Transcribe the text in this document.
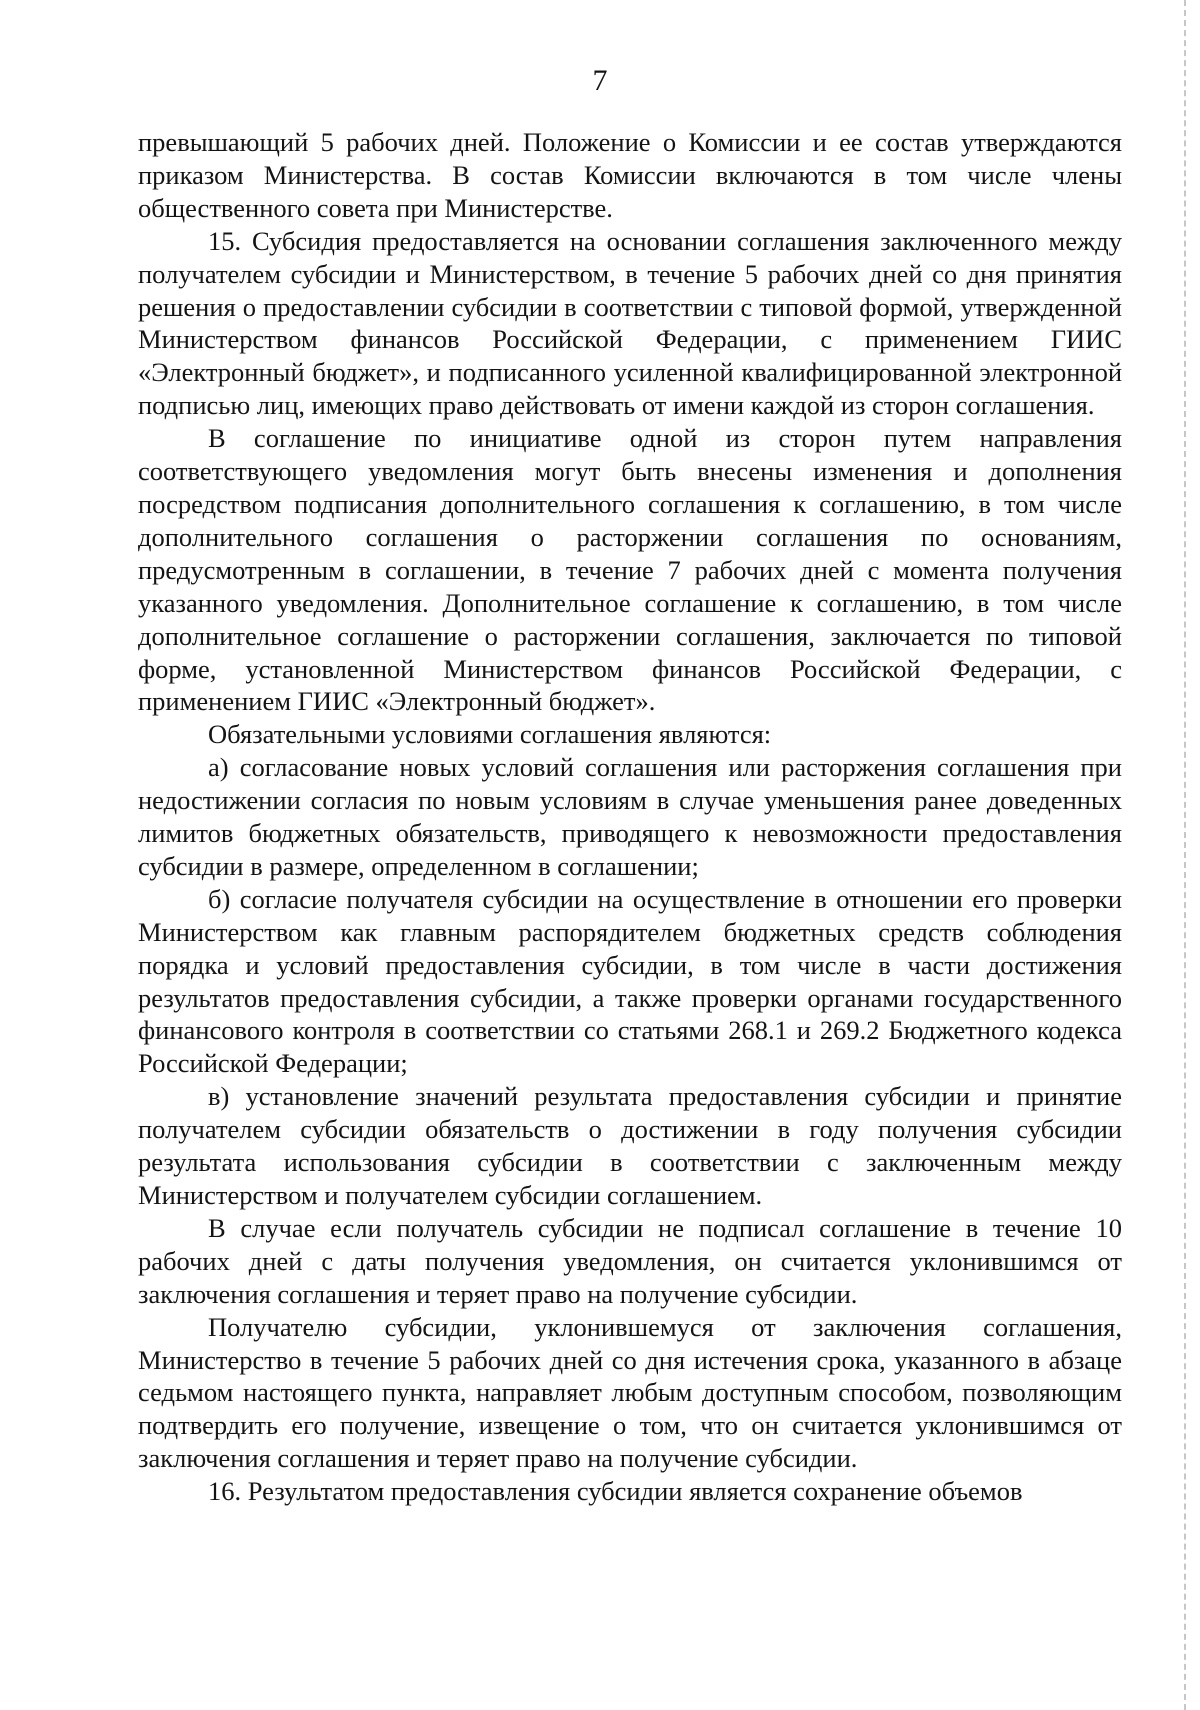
7

превышающий 5 рабочих дней. Положение о Комиссии и ее состав утверждаются приказом Министерства. В состав Комиссии включаются в том числе члены общественного совета при Министерстве.

15. Субсидия предоставляется на основании соглашения заключенного между получателем субсидии и Министерством, в течение 5 рабочих дней со дня принятия решения о предоставлении субсидии в соответствии с типовой формой, утвержденной Министерством финансов Российской Федерации, с применением ГИИС «Электронный бюджет», и подписанного усиленной квалифицированной электронной подписью лиц, имеющих право действовать от имени каждой из сторон соглашения.

В соглашение по инициативе одной из сторон путем направления соответствующего уведомления могут быть внесены изменения и дополнения посредством подписания дополнительного соглашения к соглашению, в том числе дополнительного соглашения о расторжении соглашения по основаниям, предусмотренным в соглашении, в течение 7 рабочих дней с момента получения указанного уведомления. Дополнительное соглашение к соглашению, в том числе дополнительное соглашение о расторжении соглашения, заключается по типовой форме, установленной Министерством финансов Российской Федерации, с применением ГИИС «Электронный бюджет».

Обязательными условиями соглашения являются:

а) согласование новых условий соглашения или расторжения соглашения при недостижении согласия по новым условиям в случае уменьшения ранее доведенных лимитов бюджетных обязательств, приводящего к невозможности предоставления субсидии в размере, определенном в соглашении;

б) согласие получателя субсидии на осуществление в отношении его проверки Министерством как главным распорядителем бюджетных средств соблюдения порядка и условий предоставления субсидии, в том числе в части достижения результатов предоставления субсидии, а также проверки органами государственного финансового контроля в соответствии со статьями 268.1 и 269.2 Бюджетного кодекса Российской Федерации;

в) установление значений результата предоставления субсидии и принятие получателем субсидии обязательств о достижении в году получения субсидии результата использования субсидии в соответствии с заключенным между Министерством и получателем субсидии соглашением.

В случае если получатель субсидии не подписал соглашение в течение 10 рабочих дней с даты получения уведомления, он считается уклонившимся от заключения соглашения и теряет право на получение субсидии.

Получателю субсидии, уклонившемуся от заключения соглашения, Министерство в течение 5 рабочих дней со дня истечения срока, указанного в абзаце седьмом настоящего пункта, направляет любым доступным способом, позволяющим подтвердить его получение, извещение о том, что он считается уклонившимся от заключения соглашения и теряет право на получение субсидии.

16. Результатом предоставления субсидии является сохранение объемов
